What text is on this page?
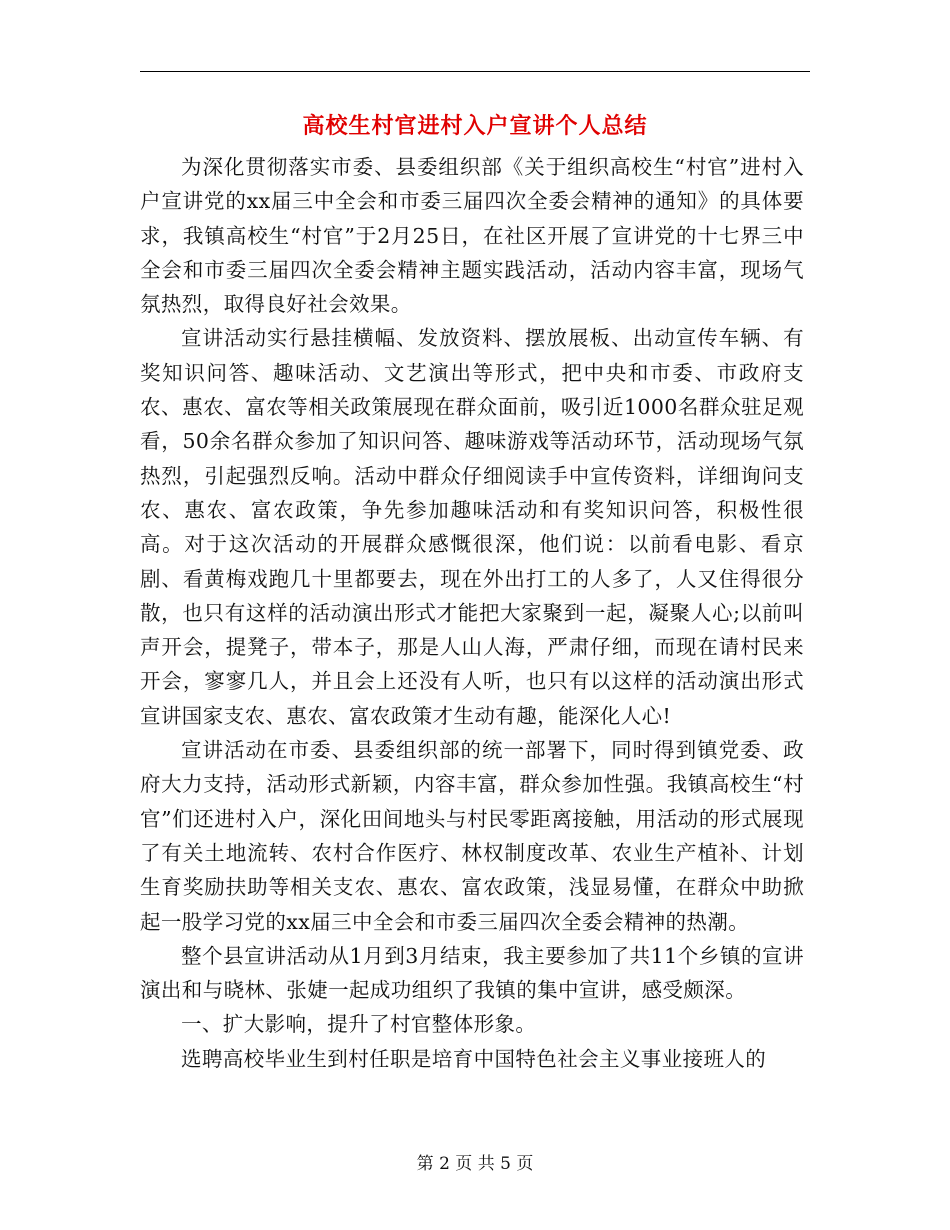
高校生村官进村入户宣讲个人总结

为深化贯彻落实市委、县委组织部《关于组织高校生“村官”进村入户宣讲党的xx届三中全会和市委三届四次全委会精神的通知》的具体要求，我镇高校生“村官”于2月25日，在社区开展了宣讲党的十七界三中全会和市委三届四次全委会精神主题实践活动，活动内容丰富，现场气氛热烈，取得良好社会效果。

宣讲活动实行悬挂横幅、发放资料、摆放展板、出动宣传车辆、有奖知识问答、趣味活动、文艺演出等形式，把中央和市委、市政府支农、惠农、富农等相关政策展现在群众面前，吸引近1000名群众驻足观看，50余名群众参加了知识问答、趣味游戏等活动环节，活动现场气氛热烈，引起强烈反响。活动中群众仔细阅读手中宣传资料，详细询问支农、惠农、富农政策，争先参加趣味活动和有奖知识问答，积极性很高。对于这次活动的开展群众感慨很深，他们说：以前看电影、看京剧、看黄梅戏跑几十里都要去，现在外出打工的人多了，人又住得很分散，也只有这样的活动演出形式才能把大家聚到一起，凝聚人心;以前叫声开会，提凳子，带本子，那是人山人海，严肃仔细，而现在请村民来开会，寥寥几人，并且会上还没有人听，也只有以这样的活动演出形式宣讲国家支农、惠农、富农政策才生动有趣，能深化人心!

宣讲活动在市委、县委组织部的统一部署下，同时得到镇党委、政府大力支持，活动形式新颖，内容丰富，群众参加性强。我镇高校生“村官”们还进村入户，深化田间地头与村民零距离接触，用活动的形式展现了有关土地流转、农村合作医疗、林权制度改革、农业生产植补、计划生育奖励扶助等相关支农、惠农、富农政策，浅显易懂，在群众中助掀起一股学习党的xx届三中全会和市委三届四次全委会精神的热潮。

整个县宣讲活动从1月到3月结束，我主要参加了共11个乡镇的宣讲演出和与晓林、张婕一起成功组织了我镇的集中宣讲，感受颇深。

一、扩大影响，提升了村官整体形象。

选聘高校毕业生到村任职是培育中国特色社会主义事业接班人的

第 2 页 共 5 页
